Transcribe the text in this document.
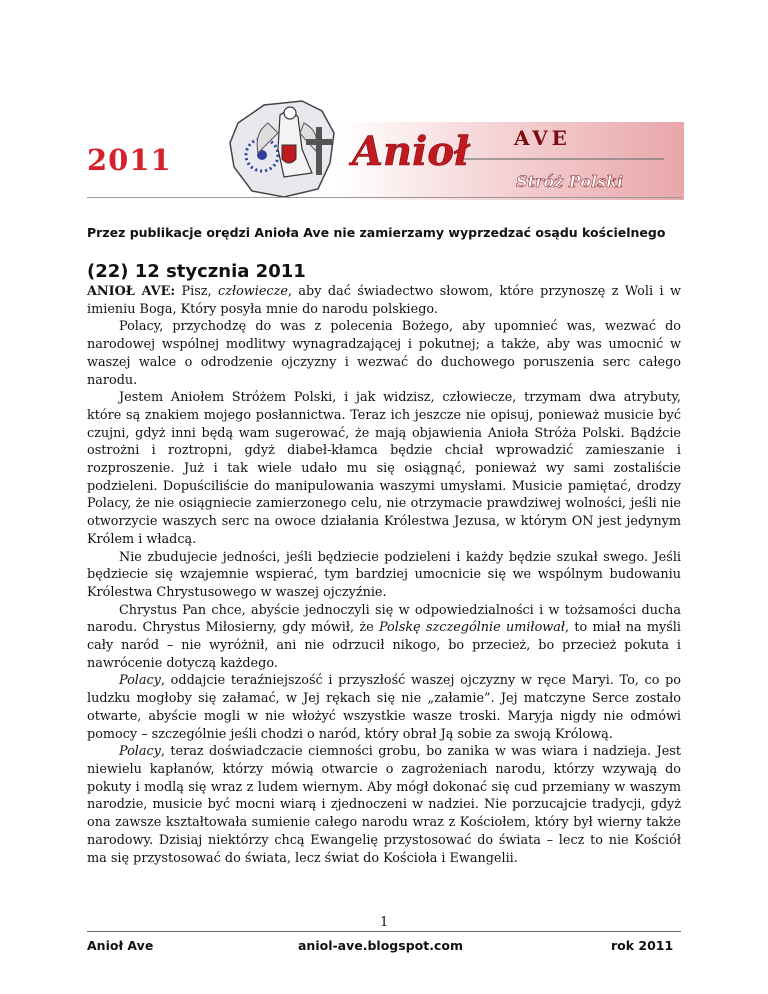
Anioł AVE
Stróż Polski
2011
Przez publikacje orędzi Anioła Ave nie zamierzamy wyprzedzać osądu kościelnego
(22) 12 stycznia 2011

ANIOŁ AVE: Pisz, człowiecze, aby dać świadectwo słowom, które przynoszę z Woli i w imieniu Boga, Który posyła mnie do narodu polskiego.

Polacy, przychodzę do was z polecenia Bożego, aby upomnieć was, wezwać do narodowej wspólnej modlitwy wynagradzającej i pokutnej; a także, aby was umocnić w waszej walce o odrodzenie ojczyzny i wezwać do duchowego poruszenia serc całego narodu.

Jestem Aniołem Stróżem Polski, i jak widzisz, człowiecze, trzymam dwa atrybuty, które są znakiem mojego posłannictwa. Teraz ich jeszcze nie opisuj, ponieważ musicie być czujni, gdyż inni będą wam sugerować, że mają objawienia Anioła Stróża Polski. Bądźcie ostrożni i roztropni, gdyż diabeł-kłamca będzie chciał wprowadzić zamieszanie i rozproszenie. Już i tak wiele udało mu się osiągnąć, ponieważ wy sami zostaliście podzieleni. Dopuściliście do manipulowania waszymi umysłami. Musicie pamiętać, drodzy Polacy, że nie osiągniecie zamierzonego celu, nie otrzymacie prawdziwej wolności, jeśli nie otworzycie waszych serc na owoce działania Królestwa Jezusa, w którym ON jest jedynym Królem i władcą.

Nie zbudujecie jedności, jeśli będziecie podzieleni i każdy będzie szukał swego. Jeśli będziecie się wzajemnie wspierać, tym bardziej umocnicie się we wspólnym budowaniu Królestwa Chrystusowego w waszej ojczyźnie.

Chrystus Pan chce, abyście jednoczyli się w odpowiedzialności i w tożsamości ducha narodu. Chrystus Miłosierny, gdy mówił, że Polskę szczególnie umiłował, to miał na myśli cały naród – nie wyróżnił, ani nie odrzucił nikogo, bo przecież, bo przecież pokuta i nawrócenie dotyczą każdego.

Polacy, oddajcie teraźniejszość i przyszłość waszej ojczyzny w ręce Maryi. To, co po ludzku mogłoby się załamać, w Jej rękach się nie „załamie”. Jej matczyne Serce zostało otwarte, abyście mogli w nie włożyć wszystkie wasze troski. Maryja nigdy nie odmówi pomocy – szczególnie jeśli chodzi o naród, który obrał Ją sobie za swoją Królową.

Polacy, teraz doświadczacie ciemności grobu, bo zanika w was wiara i nadzieja. Jest niewielu kapłanów, którzy mówią otwarcie o zagrożeniach narodu, którzy wzywają do pokuty i modlą się wraz z ludem wiernym. Aby mógł dokonać się cud przemiany w waszym narodzie, musicie być mocni wiarą i zjednoczeni w nadziei. Nie porzucajcie tradycji, gdyż ona zawsze kształtowała sumienie całego narodu wraz z Kościołem, który był wierny także narodowy. Dzisiaj niektórzy chcą Ewangelię przystosować do świata – lecz to nie Kościół ma się przystosować do świata, lecz świat do Kościoła i Ewangelii.

1
Anioł Ave	aniol-ave.blogspot.com	rok 2011
